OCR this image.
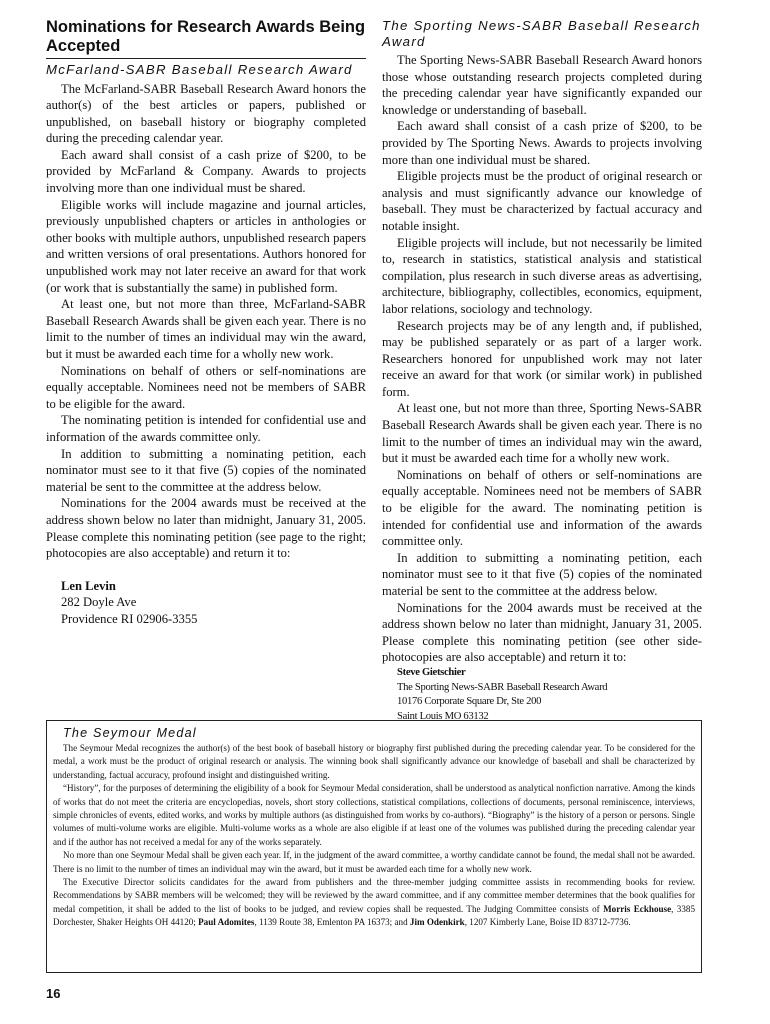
Nominations for Research Awards Being Accepted
McFarland-SABR Baseball Research Award

The McFarland-SABR Baseball Research Award honors the author(s) of the best articles or papers, published or unpublished, on baseball history or biography completed during the preceding calendar year.

Each award shall consist of a cash prize of $200, to be provided by McFarland & Company. Awards to projects involving more than one individual must be shared.

Eligible works will include magazine and journal articles, previously unpublished chapters or articles in anthologies or other books with multiple authors, unpublished research papers and written versions of oral presentations. Authors honored for unpublished work may not later receive an award for that work (or work that is substantially the same) in published form.

At least one, but not more than three, McFarland-SABR Baseball Research Awards shall be given each year. There is no limit to the number of times an individual may win the award, but it must be awarded each time for a wholly new work.

Nominations on behalf of others or self-nominations are equally acceptable. Nominees need not be members of SABR to be eligible for the award.

The nominating petition is intended for confidential use and information of the awards committee only.

In addition to submitting a nominating petition, each nominator must see to it that five (5) copies of the nominated material be sent to the committee at the address below.

Nominations for the 2004 awards must be received at the address shown below no later than midnight, January 31, 2005. Please complete this nominating petition (see page to the right; photocopies are also acceptable) and return it to:

Len Levin
282 Doyle Ave
Providence RI 02906-3355
The Sporting News-SABR Baseball Research Award

The Sporting News-SABR Baseball Research Award honors those whose outstanding research projects completed during the preceding calendar year have significantly expanded our knowledge or understanding of baseball.

Each award shall consist of a cash prize of $200, to be provided by The Sporting News. Awards to projects involving more than one individual must be shared.

Eligible projects must be the product of original research or analysis and must significantly advance our knowledge of baseball. They must be characterized by factual accuracy and notable insight.

Eligible projects will include, but not necessarily be limited to, research in statistics, statistical analysis and statistical compilation, plus research in such diverse areas as advertising, architecture, bibliography, collectibles, economics, equipment, labor relations, sociology and technology.

Research projects may be of any length and, if published, may be published separately or as part of a larger work. Researchers honored for unpublished work may not later receive an award for that work (or similar work) in published form.

At least one, but not more than three, Sporting News-SABR Baseball Research Awards shall be given each year. There is no limit to the number of times an individual may win the award, but it must be awarded each time for a wholly new work.

Nominations on behalf of others or self-nominations are equally acceptable. Nominees need not be members of SABR to be eligible for the award. The nominating petition is intended for confidential use and information of the awards committee only.

In addition to submitting a nominating petition, each nominator must see to it that five (5) copies of the nominated material be sent to the committee at the address below.

Nominations for the 2004 awards must be received at the address shown below no later than midnight, January 31, 2005. Please complete this nominating petition (see other side-photocopies are also acceptable) and return it to:

Steve Gietschier
The Sporting News-SABR Baseball Research Award
10176 Corporate Square Dr, Ste 200
Saint Louis MO 63132
The Seymour Medal

The Seymour Medal recognizes the author(s) of the best book of baseball history or biography first published during the preceding calendar year. To be considered for the medal, a work must be the product of original research or analysis. The winning book shall significantly advance our knowledge of baseball and shall be characterized by understanding, factual accuracy, profound insight and distinguished writing.

“History”, for the purposes of determining the eligibility of a book for Seymour Medal consideration, shall be understood as analytical nonfiction narrative. Among the kinds of works that do not meet the criteria are encyclopedias, novels, short story collections, statistical compilations, collections of documents, personal reminiscence, interviews, simple chronicles of events, edited works, and works by multiple authors (as distinguished from works by co-authors). “Biography” is the history of a person or persons. Single volumes of multi-volume works are eligible. Multi-volume works as a whole are also eligible if at least one of the volumes was published during the preceding calendar year and if the author has not received a medal for any of the works separately.

No more than one Seymour Medal shall be given each year. If, in the judgment of the award committee, a worthy candidate cannot be found, the medal shall not be awarded. There is no limit to the number of times an individual may win the award, but it must be awarded each time for a wholly new work.

The Executive Director solicits candidates for the award from publishers and the three-member judging committee assists in recommending books for review. Recommendations by SABR members will be welcomed; they will be reviewed by the award committee, and if any committee member determines that the book qualifies for medal competition, it shall be added to the list of books to be judged, and review copies shall be requested. The Judging Committee consists of Morris Eckhouse, 3385 Dorchester, Shaker Heights OH 44120; Paul Adomites, 1139 Route 38, Emlenton PA 16373; and Jim Odenkirk, 1207 Kimberly Lane, Boise ID 83712-7736.

16
